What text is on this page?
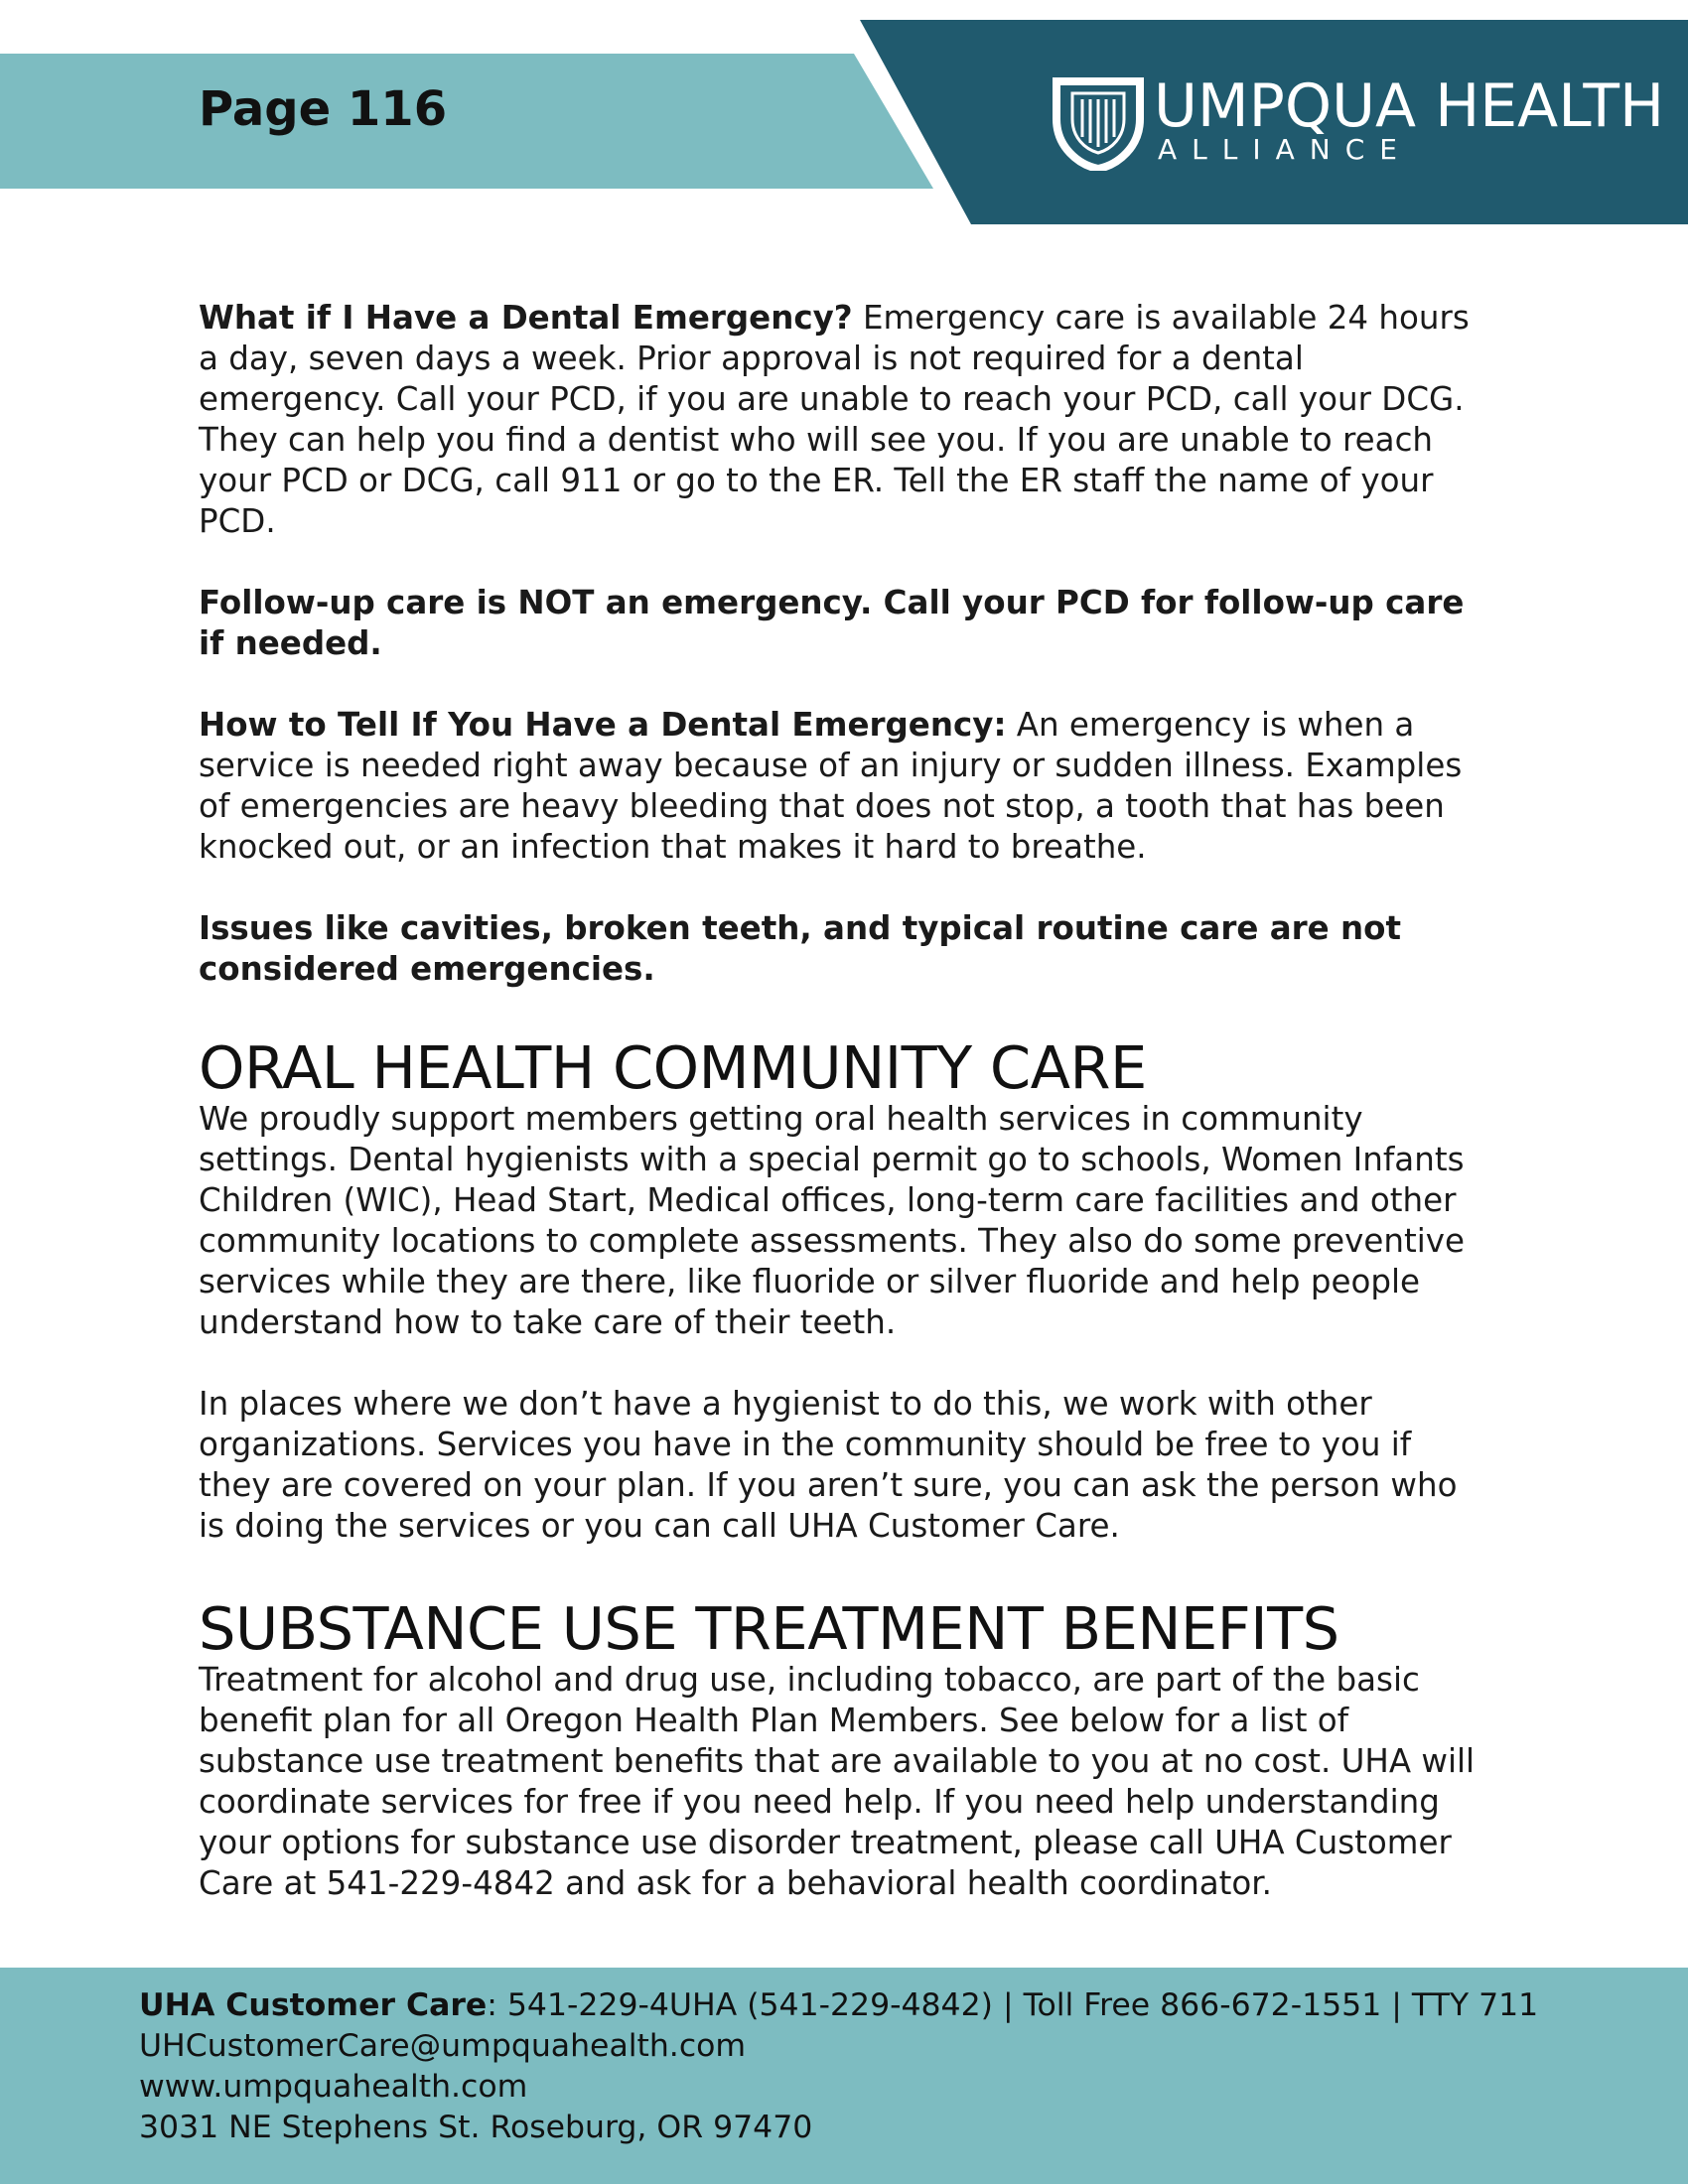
Page 116	UMPQUA HEALTH
ALLIANCE

What if I Have a Dental Emergency? Emergency care is available 24 hours a day, seven days a week. Prior approval is not required for a dental emergency. Call your PCD, if you are unable to reach your PCD, call your DCG. They can help you find a dentist who will see you. If you are unable to reach your PCD or DCG, call 911 or go to the ER. Tell the ER staff the name of your PCD.

Follow-up care is NOT an emergency. Call your PCD for follow-up care if needed.

How to Tell If You Have a Dental Emergency: An emergency is when a service is needed right away because of an injury or sudden illness. Examples of emergencies are heavy bleeding that does not stop, a tooth that has been knocked out, or an infection that makes it hard to breathe.

Issues like cavities, broken teeth, and typical routine care are not considered emergencies.

ORAL HEALTH COMMUNITY CARE

We proudly support members getting oral health services in community settings. Dental hygienists with a special permit go to schools, Women Infants Children (WIC), Head Start, Medical offices, long-term care facilities and other community locations to complete assessments. They also do some preventive services while they are there, like fluoride or silver fluoride and help people understand how to take care of their teeth.

In places where we don’t have a hygienist to do this, we work with other organizations. Services you have in the community should be free to you if they are covered on your plan. If you aren’t sure, you can ask the person who is doing the services or you can call UHA Customer Care.

SUBSTANCE USE TREATMENT BENEFITS

Treatment for alcohol and drug use, including tobacco, are part of the basic benefit plan for all Oregon Health Plan Members. See below for a list of substance use treatment benefits that are available to you at no cost. UHA will coordinate services for free if you need help. If you need help understanding your options for substance use disorder treatment, please call UHA Customer Care at 541-229-4842 and ask for a behavioral health coordinator.

UHA Customer Care: 541-229-4UHA (541-229-4842) | Toll Free 866-672-1551 | TTY 711
UHCustomerCare@umpquahealth.com
www.umpquahealth.com
3031 NE Stephens St. Roseburg, OR 97470
